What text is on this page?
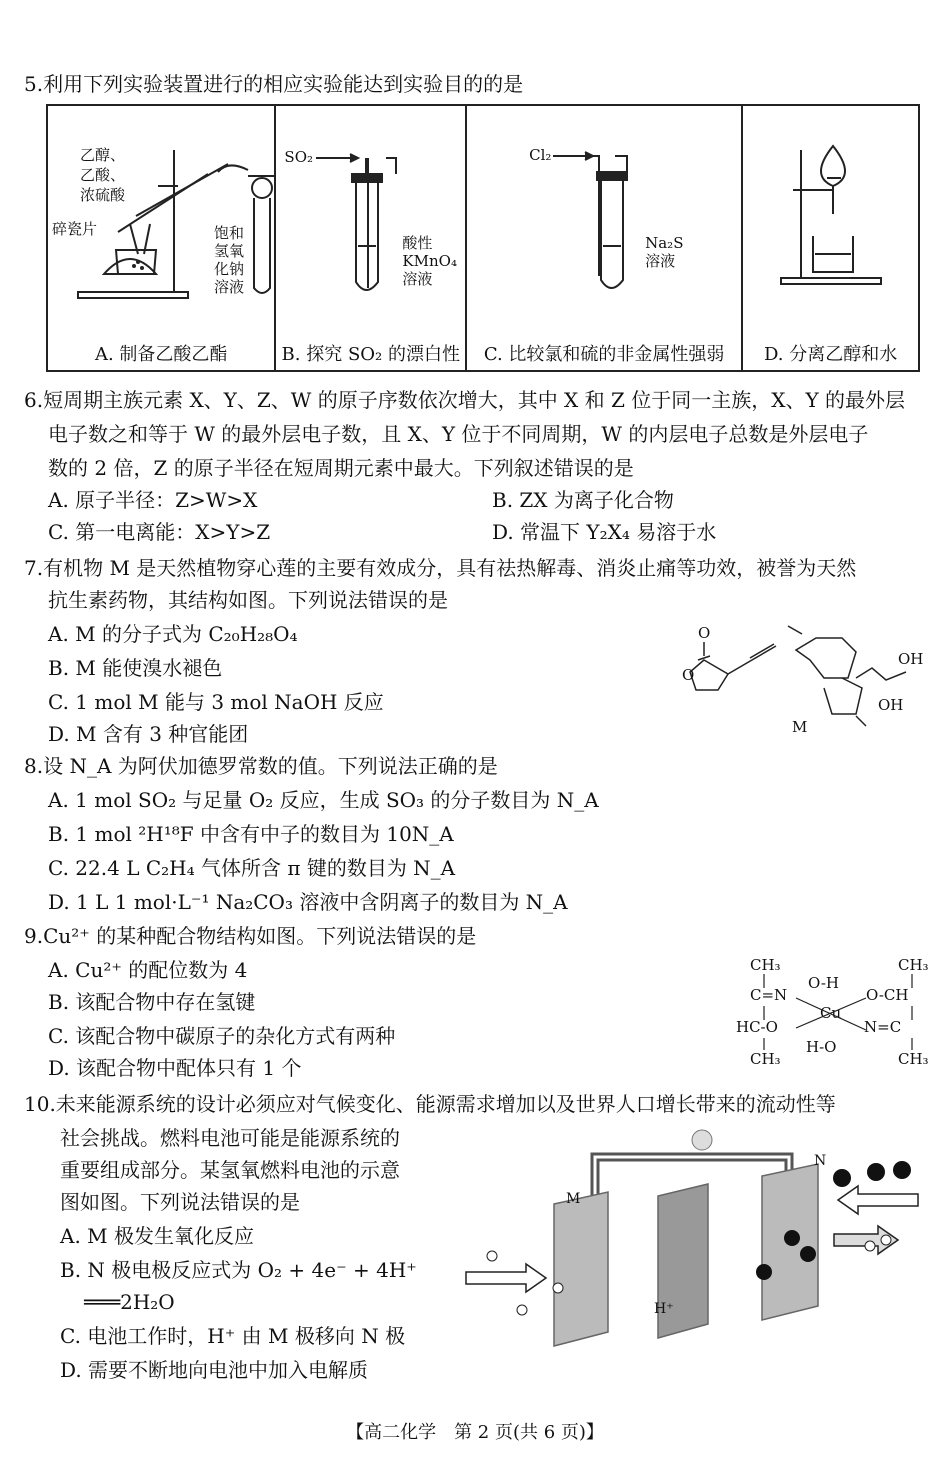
5.利用下列实验装置进行的相应实验能达到实验目的的是
乙醇、
乙酸、
浓硫酸
碎瓷片	饱和
氢氧
化钠
溶液
A. 制备乙酸乙酯

SO₂
酸性
KMnO₄
溶液
B. 探究 SO₂ 的漂白性

Cl₂
Na₂S
溶液
C. 比较氯和硫的非金属性强弱	D. 分离乙醇和水
6.短周期主族元素 X、Y、Z、W 的原子序数依次增大，其中 X 和 Z 位于同一主族，X、Y 的最外层
电子数之和等于 W 的最外层电子数，且 X、Y 位于不同周期，W 的内层电子总数是外层电子
数的 2 倍，Z 的原子半径在短周期元素中最大。下列叙述错误的是
A. 原子半径：Z>W>X	B. ZX 为离子化合物
C. 第一电离能：X>Y>Z	D. 常温下 Y₂X₄ 易溶于水
7.有机物 M 是天然植物穿心莲的主要有效成分，具有祛热解毒、消炎止痛等功效，被誉为天然
抗生素药物，其结构如图。下列说法错误的是
A. M 的分子式为 C₂₀H₂₈O₄
B. M 能使溴水褪色
C. 1 mol M 能与 3 mol NaOH 反应
D. M 含有 3 种官能团
O
O
OH
OH
M
8.设 N_A 为阿伏加德罗常数的值。下列说法正确的是
A. 1 mol SO₂ 与足量 O₂ 反应，生成 SO₃ 的分子数目为 N_A
B. 1 mol ²H¹⁸F 中含有中子的数目为 10N_A
C. 22.4 L C₂H₄ 气体所含 π 键的数目为 N_A
D. 1 L 1 mol·L⁻¹ Na₂CO₃ 溶液中含阴离子的数目为 N_A
9.Cu²⁺ 的某种配合物结构如图。下列说法错误的是
A. Cu²⁺ 的配位数为 4
B. 该配合物中存在氢键
C. 该配合物中碳原子的杂化方式有两种
D. 该配合物中配体只有 1 个
CH₃	CH₃
C=N
O-H
O-CH
Cu
HC-O	N=C
H-O
CH₃	CH₃
10.未来能源系统的设计必须应对气候变化、能源需求增加以及世界人口增长带来的流动性等
社会挑战。燃料电池可能是能源系统的
重要组成部分。某氢氧燃料电池的示意
图如图。下列说法错误的是
A. M 极发生氧化反应
B. N 极电极反应式为 O₂ + 4e⁻ + 4H⁺
═══2H₂O
C. 电池工作时，H⁺ 由 M 极移向 N 极
D. 需要不断地向电池中加入电解质
M
N
H⁺
【高二化学　第 2 页(共 6 页)】
